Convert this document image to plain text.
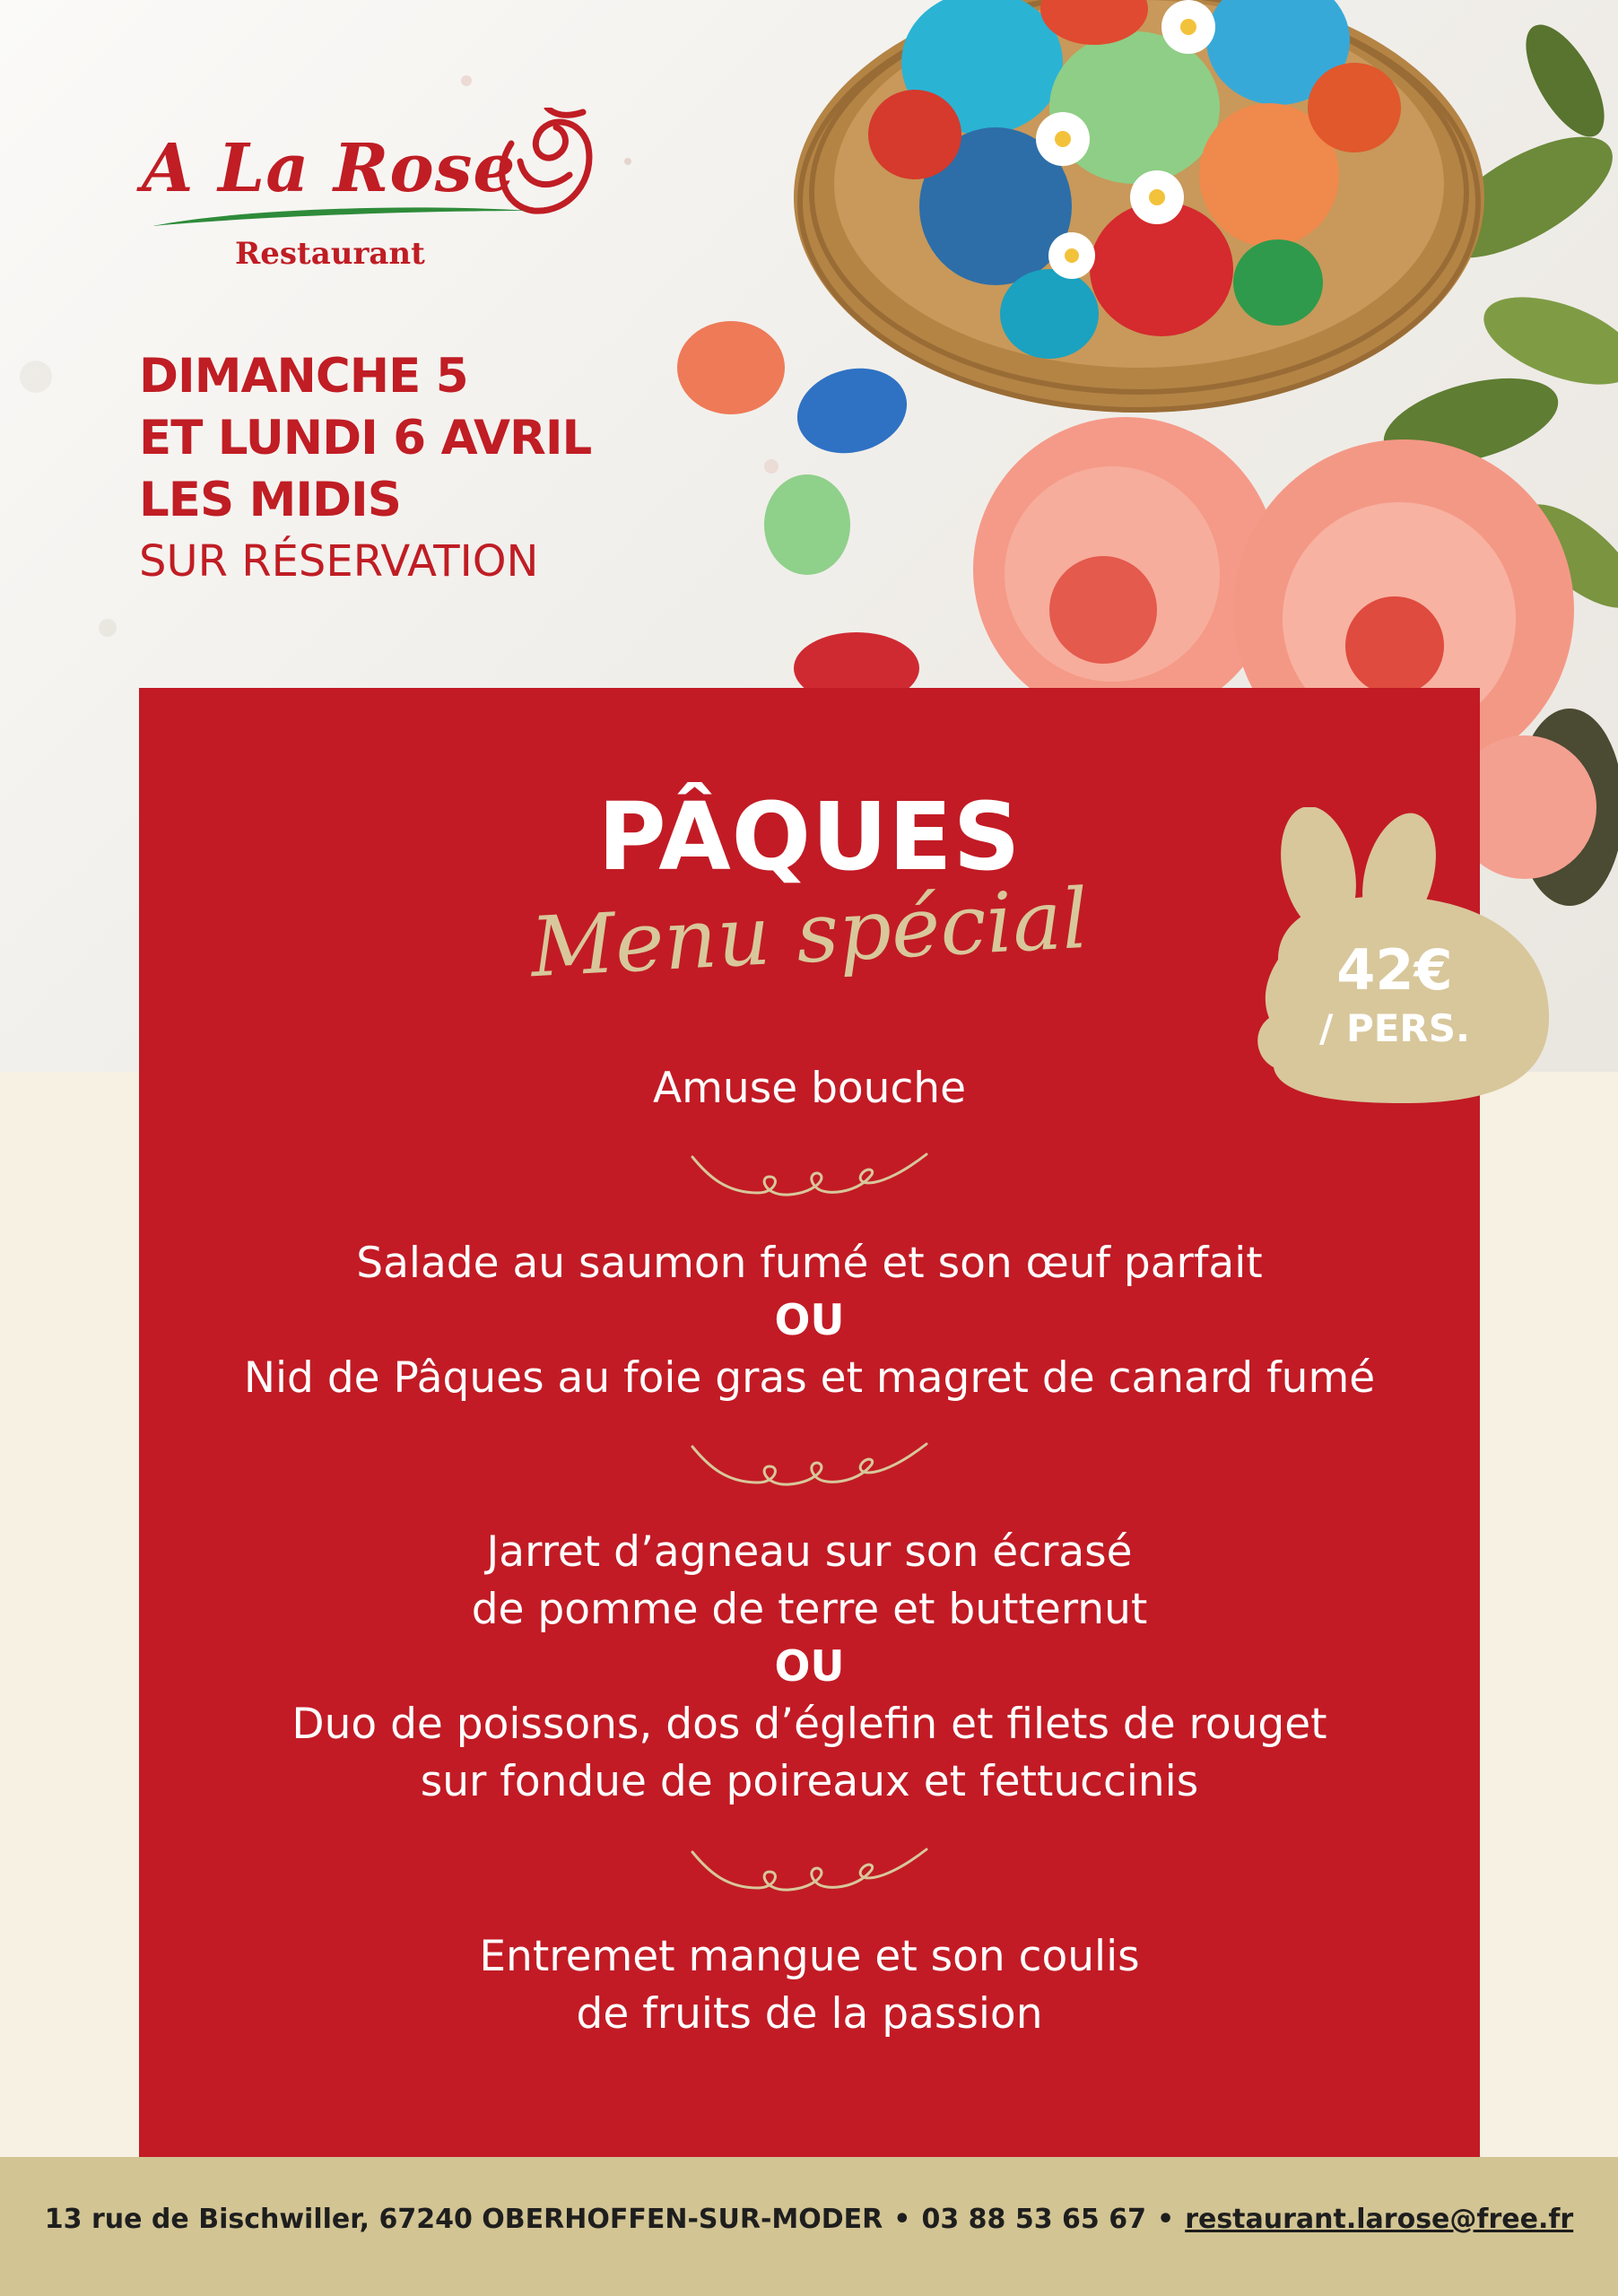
A La Rose

Restaurant

DIMANCHE 5
ET LUNDI 6 AVRIL
LES MIDIS
SUR RÉSERVATION

PÂQUES

Menu spécial

Amuse bouche

Salade au saumon fumé et son œuf parfait
OU
Nid de Pâques au foie gras et magret de canard fumé

Jarret d’agneau sur son écrasé
de pomme de terre et butternut
OU
Duo de poissons, dos d’églefin et filets de rouget
sur fondue de poireaux et fettuccinis

Entremet mangue et son coulis
de fruits de la passion

42€

/ PERS.

13 rue de Bischwiller, 67240 OBERHOFFEN-SUR-MODER • 03 88 53 65 67 • restaurant.larose@free.fr
